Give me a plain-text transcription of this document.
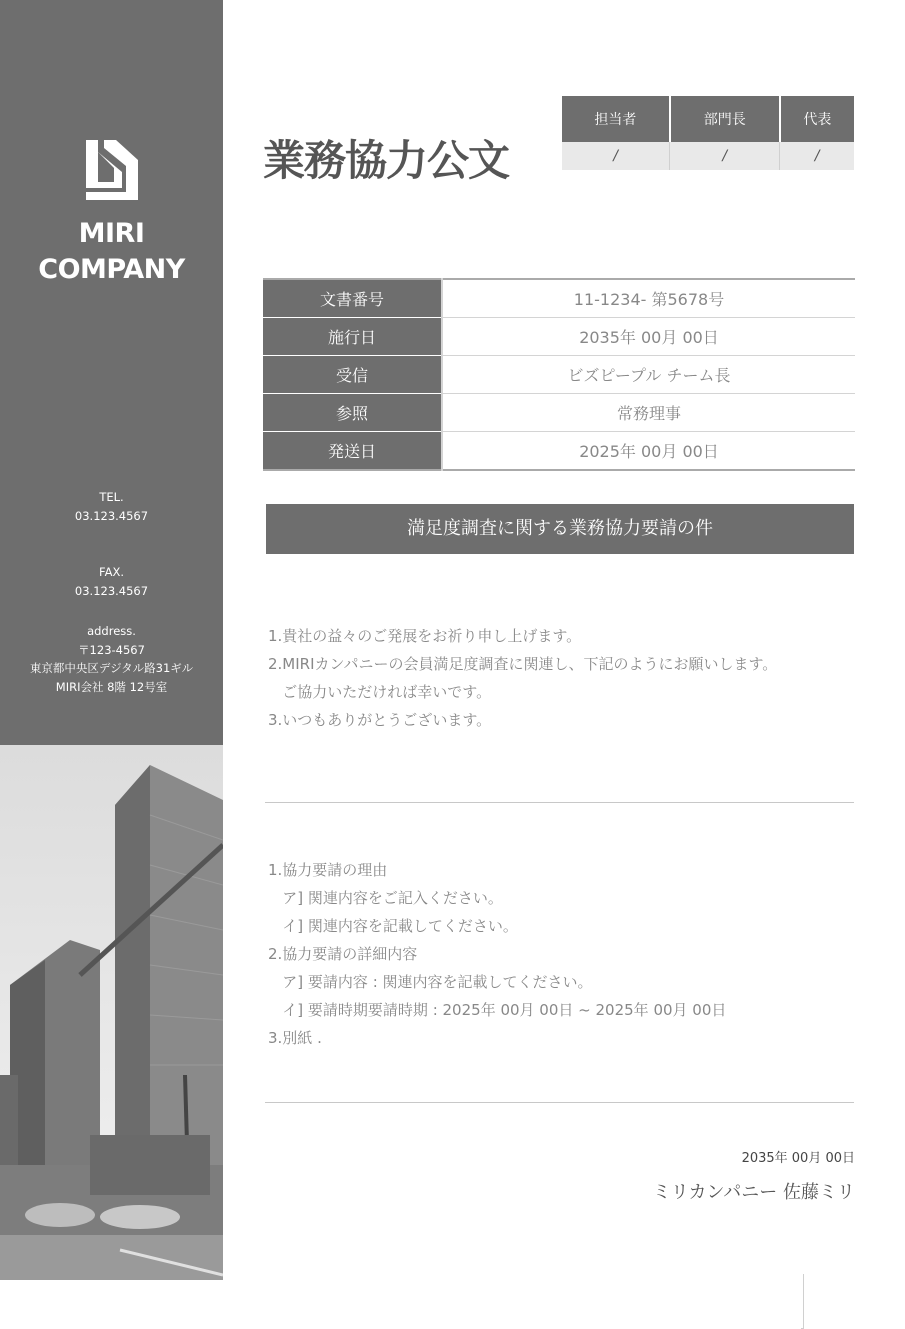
MIRI
COMPANY
TEL.
03.123.4567
FAX.
03.123.4567
address.
〒123-4567
東京都中央区デジタル路31ギル
MIRI会社 8階 12号室
業務協力公文
担当者	部門長	代表

/	/	/
文書番号	11-1234- 第5678号
施行日	2035年 00月 00日
受信	ビズピープル チーム長
参照	常務理事
発送日	2025年 00月 00日
満足度調査に関する業務協力要請の件
1.貴社の益々のご発展をお祈り申し上げます。
2.MIRIカンパニーの会員満足度調査に関連し、下記のようにお願いします。
ご協力いただければ幸いです。
3.いつもありがとうございます。
1.協力要請の理由
ア] 関連内容をご記入ください。
イ] 関連内容を記載してください。
2.協力要請の詳細内容
ア] 要請内容 : 関連内容を記載してください。
イ] 要請時期要請時期 : 2025年 00月 00日 ~ 2025年 00月 00日
3.別紙 .
2035年 00月 00日
ミリカンパニー 佐藤ミリ
